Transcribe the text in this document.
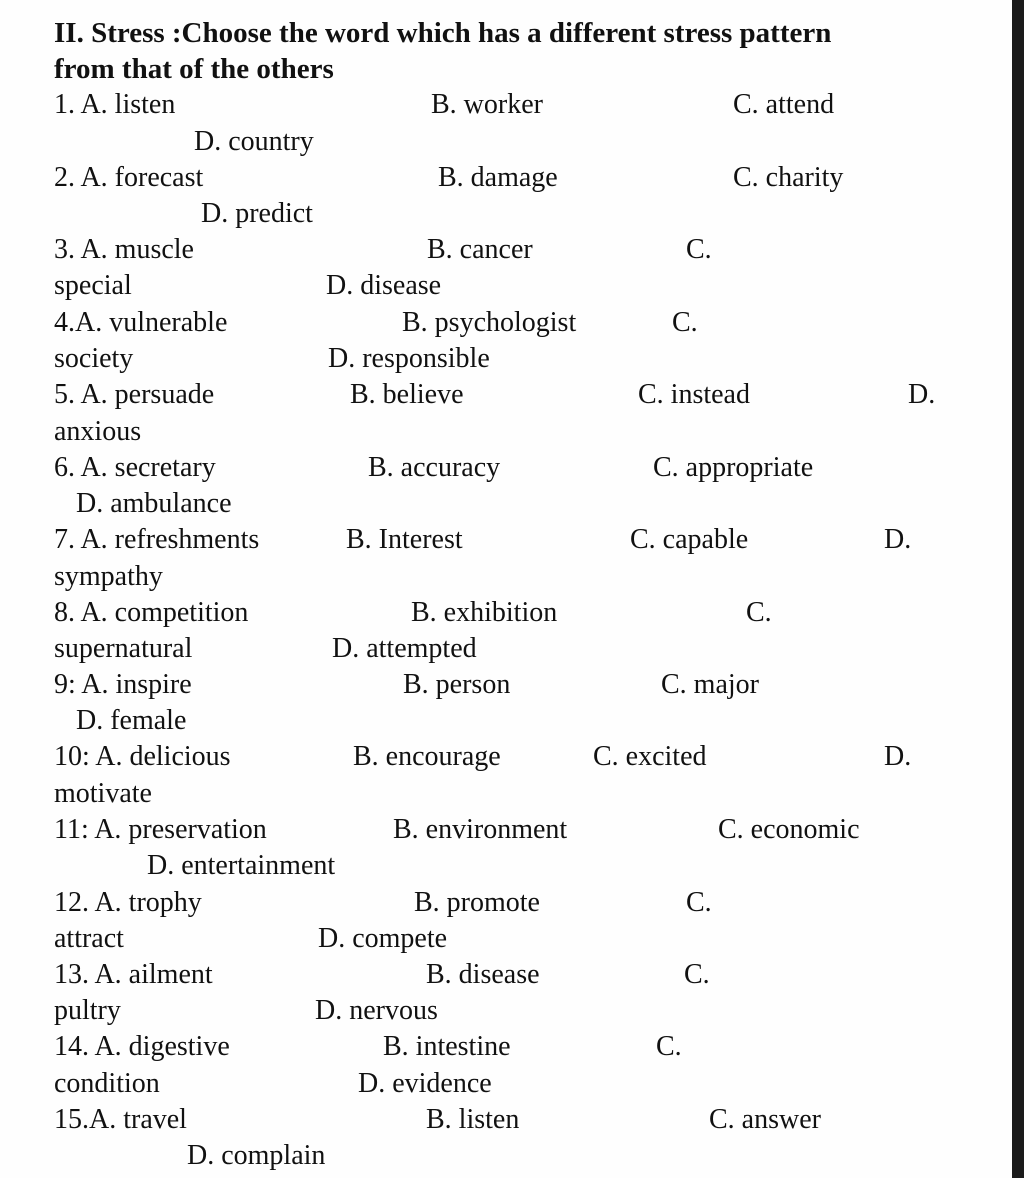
II. Stress :Choose the word which has a different stress pattern
from that of the others
1. A. listen	B. worker	C. attend
D. country
2. A. forecast	B. damage	C. charity
D. predict
3. A. muscle	B. cancer	C.
special	D. disease
4.A. vulnerable	B. psychologist	C.
society	D. responsible
5. A. persuade	B. believe	C. instead	D.
anxious
6. A. secretary	B. accuracy	C. appropriate
D. ambulance
7. A. refreshments	B. Interest	C. capable	D.
sympathy
8. A. competition	B. exhibition	C.
supernatural	D. attempted
9: A. inspire	B. person	C. major
D. female
10: A. delicious	B. encourage	C. excited	D.
motivate
11: A. preservation	B. environment	C. economic
D. entertainment
12. A. trophy	B. promote	C.
attract	D. compete
13. A. ailment	B. disease	C.
pultry	D. nervous
14. A. digestive	B. intestine	C.
condition	D. evidence
15.A. travel	B. listen	C. answer
D. complain
